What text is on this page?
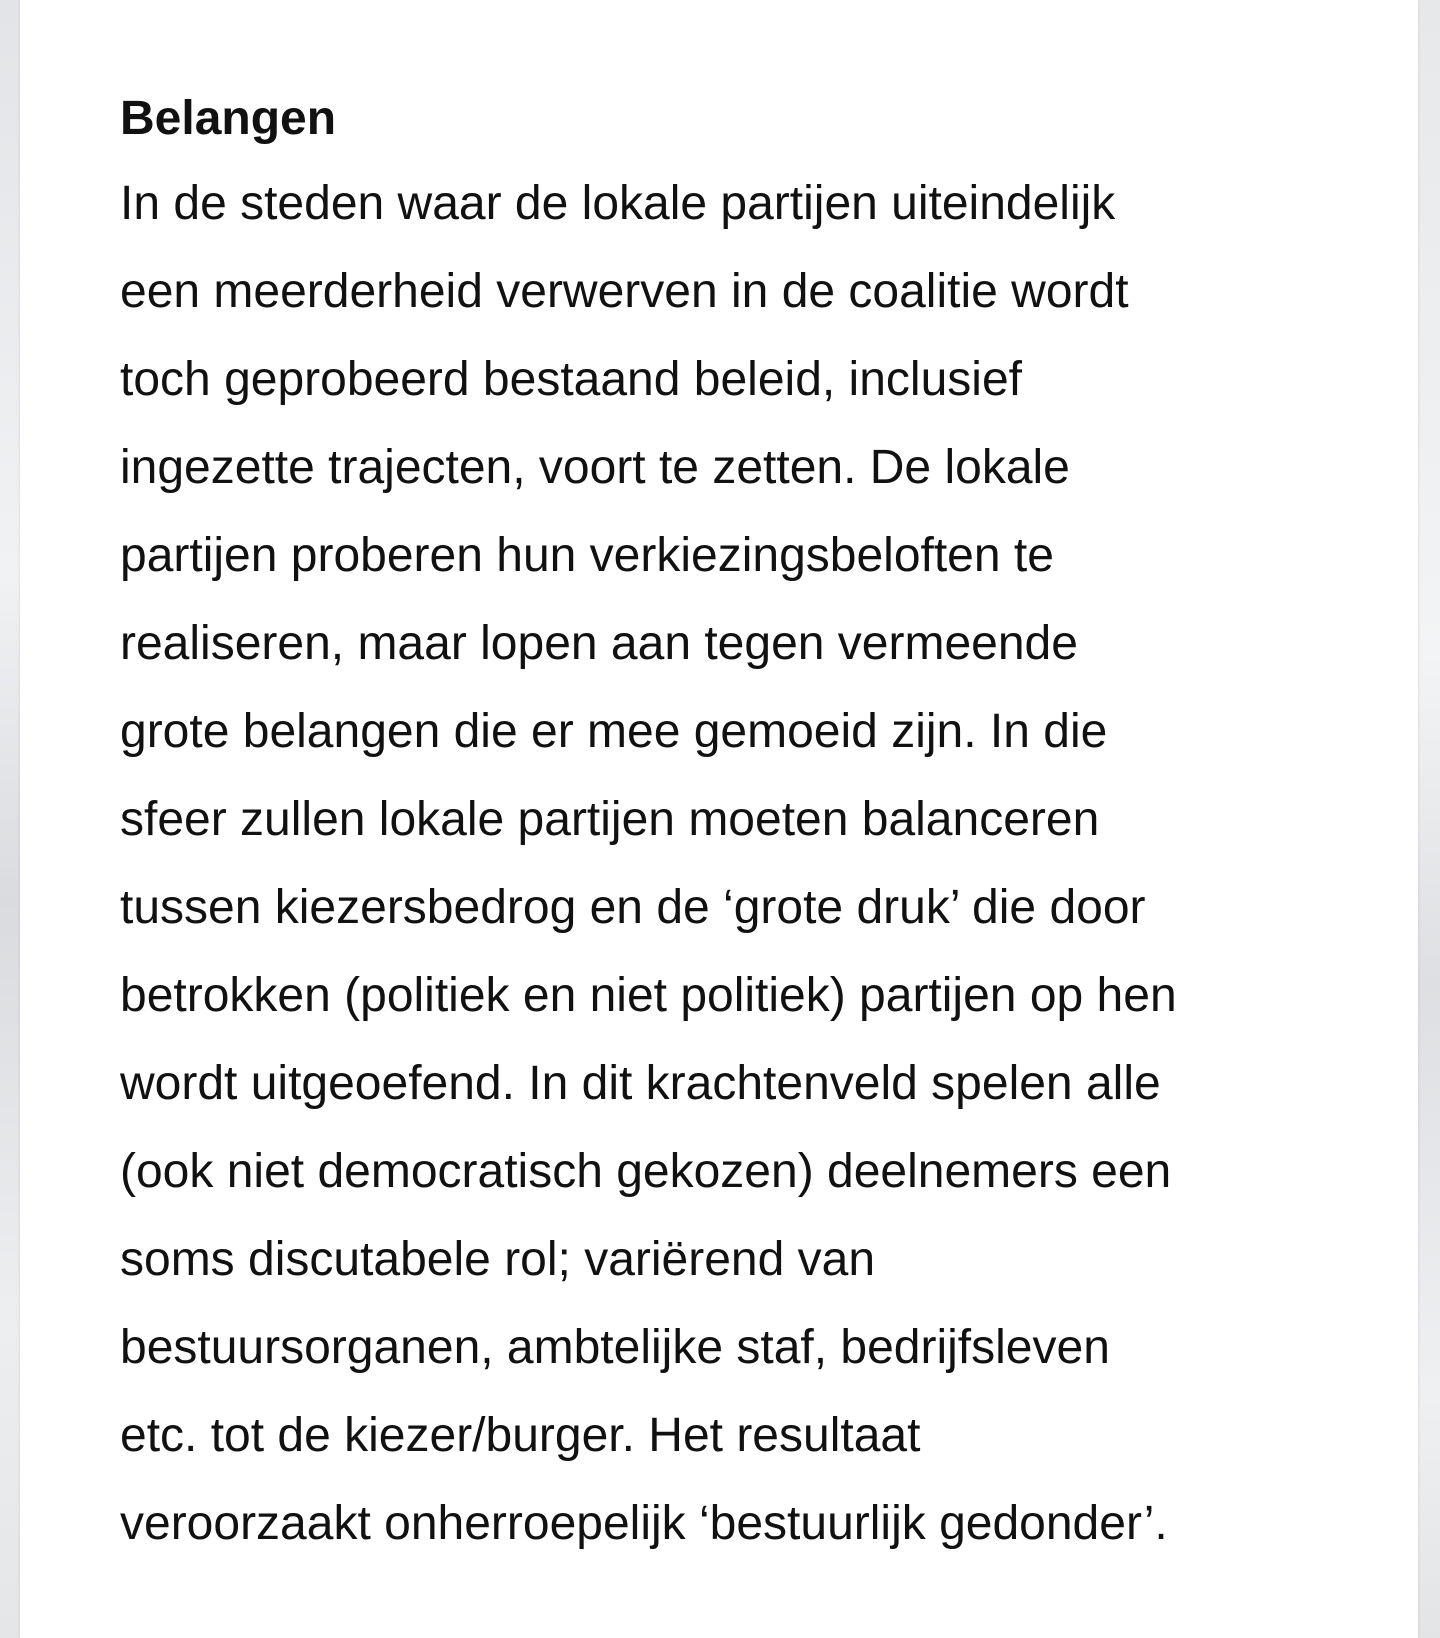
Belangen

In de steden waar de lokale partijen uiteindelijk
een meerderheid verwerven in de coalitie wordt
toch geprobeerd bestaand beleid, inclusief
ingezette trajecten, voort te zetten. De lokale
partijen proberen hun verkiezingsbeloften te
realiseren, maar lopen aan tegen vermeende
grote belangen die er mee gemoeid zijn. In die
sfeer zullen lokale partijen moeten balanceren
tussen kiezersbedrog en de ‘grote druk’ die door
betrokken (politiek en niet politiek) partijen op hen
wordt uitgeoefend. In dit krachtenveld spelen alle
(ook niet democratisch gekozen) deelnemers een
soms discutabele rol; variërend van
bestuursorganen, ambtelijke staf, bedrijfsleven
etc. tot de kiezer/burger. Het resultaat
veroorzaakt onherroepelijk ‘bestuurlijk gedonder’.
